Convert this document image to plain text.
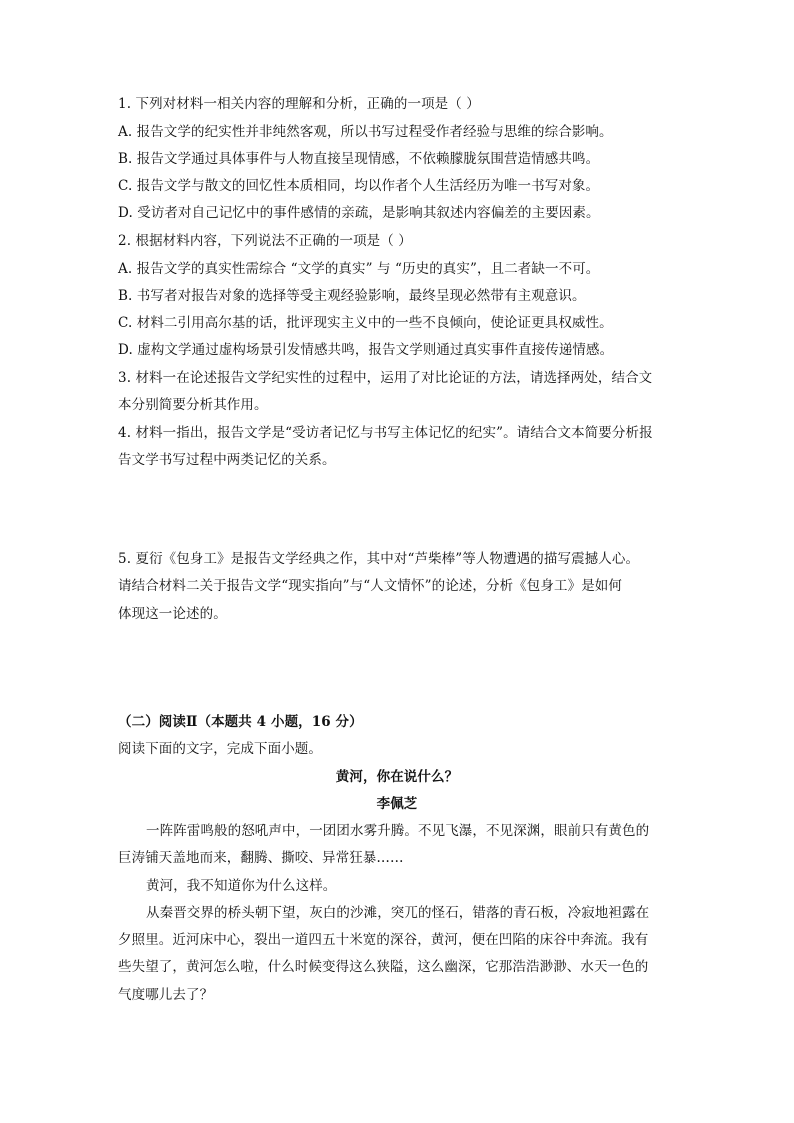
1. 下列对材料一相关内容的理解和分析，正确的一项是（ ）
A. 报告文学的纪实性并非纯然客观，所以书写过程受作者经验与思维的综合影响。
B. 报告文学通过具体事件与人物直接呈现情感，不依赖朦胧氛围营造情感共鸣。
C. 报告文学与散文的回忆性本质相同，均以作者个人生活经历为唯一书写对象。
D. 受访者对自己记忆中的事件感情的亲疏，是影响其叙述内容偏差的主要因素。
2. 根据材料内容，下列说法不正确的一项是（ ）
A. 报告文学的真实性需综合 “文学的真实” 与 “历史的真实”，且二者缺一不可。
B. 书写者对报告对象的选择等受主观经验影响，最终呈现必然带有主观意识。
C. 材料二引用高尔基的话，批评现实主义中的一些不良倾向，使论证更具权威性。
D. 虚构文学通过虚构场景引发情感共鸣，报告文学则通过真实事件直接传递情感。
3. 材料一在论述报告文学纪实性的过程中，运用了对比论证的方法，请选择两处，结合文
本分别简要分析其作用。
4. 材料一指出，报告文学是“受访者记忆与书写主体记忆的纪实”。请结合文本简要分析报
告文学书写过程中两类记忆的关系。
5. 夏衍《包身工》是报告文学经典之作，其中对“芦柴棒”等人物遭遇的描写震撼人心。
请结合材料二关于报告文学“现实指向”与“人文情怀”的论述，分析《包身工》是如何
体现这一论述的。
（二）阅读Ⅱ（本题共 4 小题，16 分）
阅读下面的文字，完成下面小题。
黄河，你在说什么？
李佩芝
一阵阵雷鸣般的怒吼声中，一团团水雾升腾。不见飞瀑，不见深渊，眼前只有黄色的
巨涛铺天盖地而来，翻腾、撕咬、异常狂暴……
黄河，我不知道你为什么这样。
从秦晋交界的桥头朝下望，灰白的沙滩，突兀的怪石，错落的青石板，冷寂地袒露在
夕照里。近河床中心，裂出一道四五十米宽的深谷，黄河，便在凹陷的床谷中奔流。我有
些失望了，黄河怎么啦，什么时候变得这么狭隘，这么幽深，它那浩浩渺渺、水天一色的
气度哪儿去了？
